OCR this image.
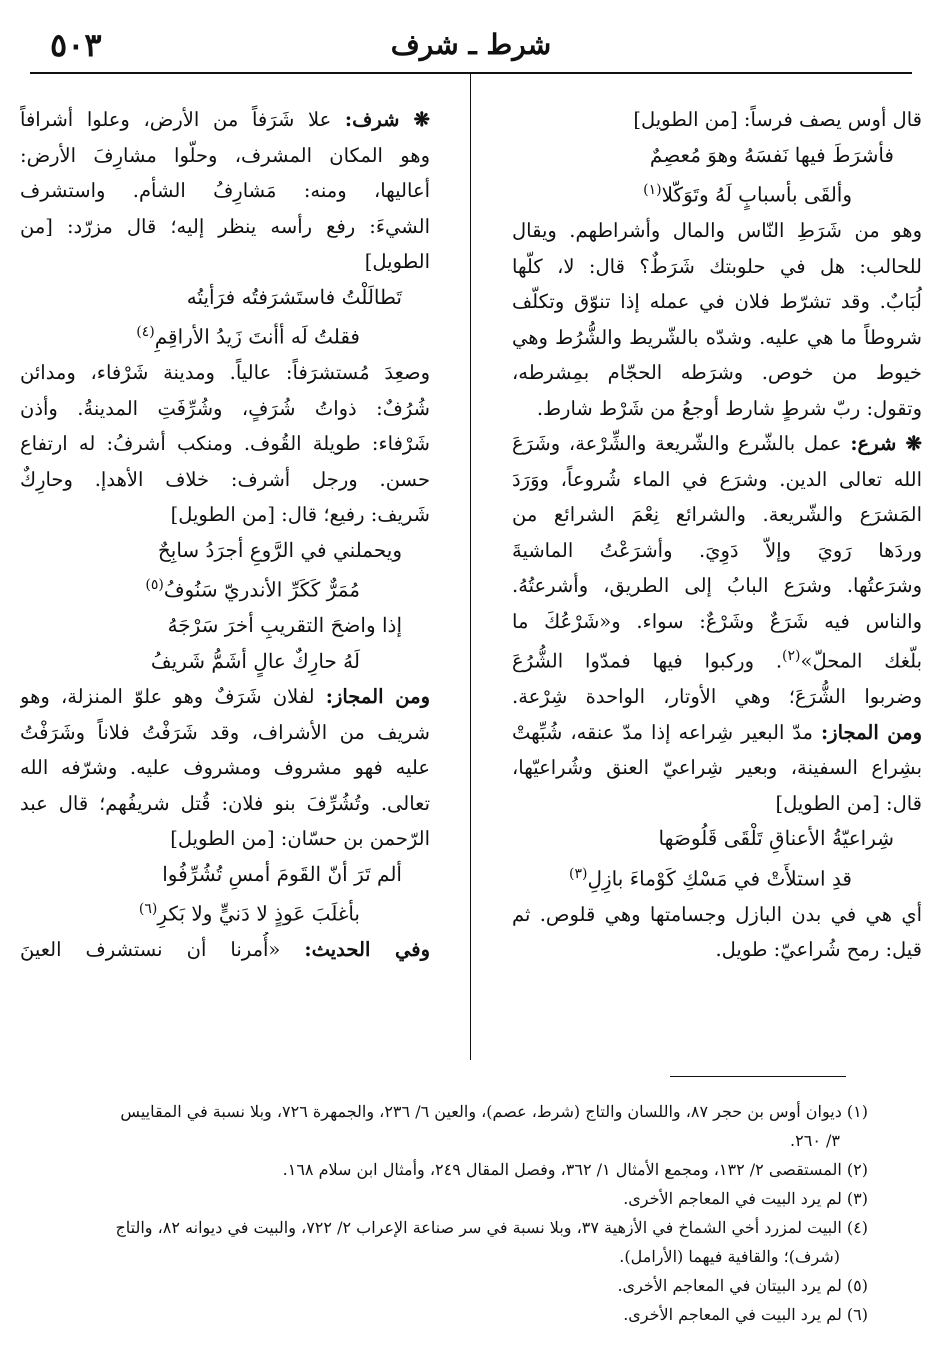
شرط ـ شرف
٥٠٣
قال أوس يصف فرساً: [من الطويل]
فأشرَطَ فيها نَفسَهُ وهوَ مُعصِمٌ
وألقَى بأسبابٍ لَهُ وتَوَكّلا$^{(١)}$
وهو من شَرَطِ النّاس والمال وأشراطهم. ويقال
للحالب: هل في حلوبتك شَرَطٌ؟ قال: لا، كلّها
لُبَابٌ. وقد تشرّط فلان في عمله إذا تنوّق وتكلّف
شروطاً ما هي عليه. وشدّه بالشّريط والشُّرُط وهي
خيوط من خوص. وشرَطه الحجّام بمِشرطه،
وتقول: ربّ شرطٍ شارط أوجعُ من شَرْط شارط.
❋ شرع: عمل بالشّرع والشّريعة والشِّرْعة، وشَرَعَ
الله تعالى الدين. وشرَع في الماء شُروعاً، ووَرَدَ
المَشرَع والشّريعة. والشرائع نِعْمَ الشرائع من
وردَها رَويَ وإلاّ دَوِيَ. وأشرَعْتُ الماشيةَ
وشرَعتُها. وشرَع البابُ إلى الطريق، وأشرعتُهُ.
والناس فيه شَرَعٌ وشَرْعٌ: سواء. و«شَرْعُكَ ما
بلّغك المحلّ»$^{(٢)}$. وركبوا فيها فمدّوا الشُّرُعَ
وضربوا الشُّرَعَ؛ وهي الأوتار، الواحدة شِرْعة.
ومن المجاز: مدّ البعير شِراعه إذا مدّ عنقه، شُبِّهتْ
بشِراع السفينة، وبعير شِراعيّ العنق وشُراعيّها،
قال: [من الطويل]
شِراعيّةُ الأعناقِ تَلْقَى قَلُوصَها
قدِ استلأَتْ في مَسْكِ كَوْماءَ بازِلِ$^{(٣)}$
أي هي في بدن البازل وجسامتها وهي قلوص. ثم
قيل: رمح شُراعيّ: طويل.
❋ شرف: علا شَرَفاً من الأرض، وعلوا أشرافاً
وهو المكان المشرف، وحلّوا مشارِفَ الأرض:
أعاليها، ومنه: مَشارِفُ الشأم. واستشرف
الشيءَ: رفع رأسه ينظر إليه؛ قال مزرّد: [من
الطويل]
تَطالَلْتُ فاستَشرَفتُه فرَأيتُه
فقلتُ لَه أأنتَ زَيدُ الأراقِمِ$^{(٤)}$
وصعِدَ مُستشرَفاً: عالياً. ومدينة شَرْفاء، ومدائن
شُرُفٌ: ذواتُ شُرَفٍ، وشُرِّفَتِ المدينةُ. وأذن
شَرْفاء: طويلة القُوف. ومنكب أشرفُ: له ارتفاع
حسن. ورجل أشرف: خلاف الأهدإ. وحارِكٌ
شَريف: رفيع؛ قال: [من الطويل]
ويحملني في الرَّوعِ أجرَدُ سابِحٌ
مُمَرٌّ كَكَرِّ الأندريّ سَنُوفُ$^{(٥)}$
إذا واضحَ التقريبِ أخرَ سَرْجَهُ
لَهُ حارِكٌ عالٍ أشَمُّ شَريفُ
ومن المجاز: لفلان شَرَفٌ وهو علوّ المنزلة، وهو
شريف من الأشراف، وقد شَرَفْتُ فلاناً وشَرَفْتُ
عليه فهو مشروف ومشروف عليه. وشرّفه الله
تعالى. وتُشُرِّفَ بنو فلان: قُتل شريفُهم؛ قال عبد
الرّحمن بن حسّان: [من الطويل]
ألم تَرَ أنّ القَومَ أمسِ تُشُرِّفُوا
بأغلَبَ عَوذٍ لا دَنيٍّ ولا بَكرِ$^{(٦)}$
وفي الحديث: «أُمرنا أن نستشرف العينَ
(١) ديوان أوس بن حجر ٨٧، واللسان والتاج (شرط، عصم)، والعين ٦/ ٢٣٦، والجمهرة ٧٢٦، وبلا نسبة في المقاييس
٣/ ٢٦٠.
(٢) المستقصى ٢/ ١٣٢، ومجمع الأمثال ١/ ٣٦٢، وفصل المقال ٢٤٩، وأمثال ابن سلام ١٦٨.
(٣) لم يرد البيت في المعاجم الأخرى.
(٤) البيت لمزرد أخي الشماخ في الأزهية ٣٧، وبلا نسبة في سر صناعة الإعراب ٢/ ٧٢٢، والبيت في ديوانه ٨٢، والتاج
(شرف)؛ والقافية فيهما (الأرامل).
(٥) لم يرد البيتان في المعاجم الأخرى.
(٦) لم يرد البيت في المعاجم الأخرى.
